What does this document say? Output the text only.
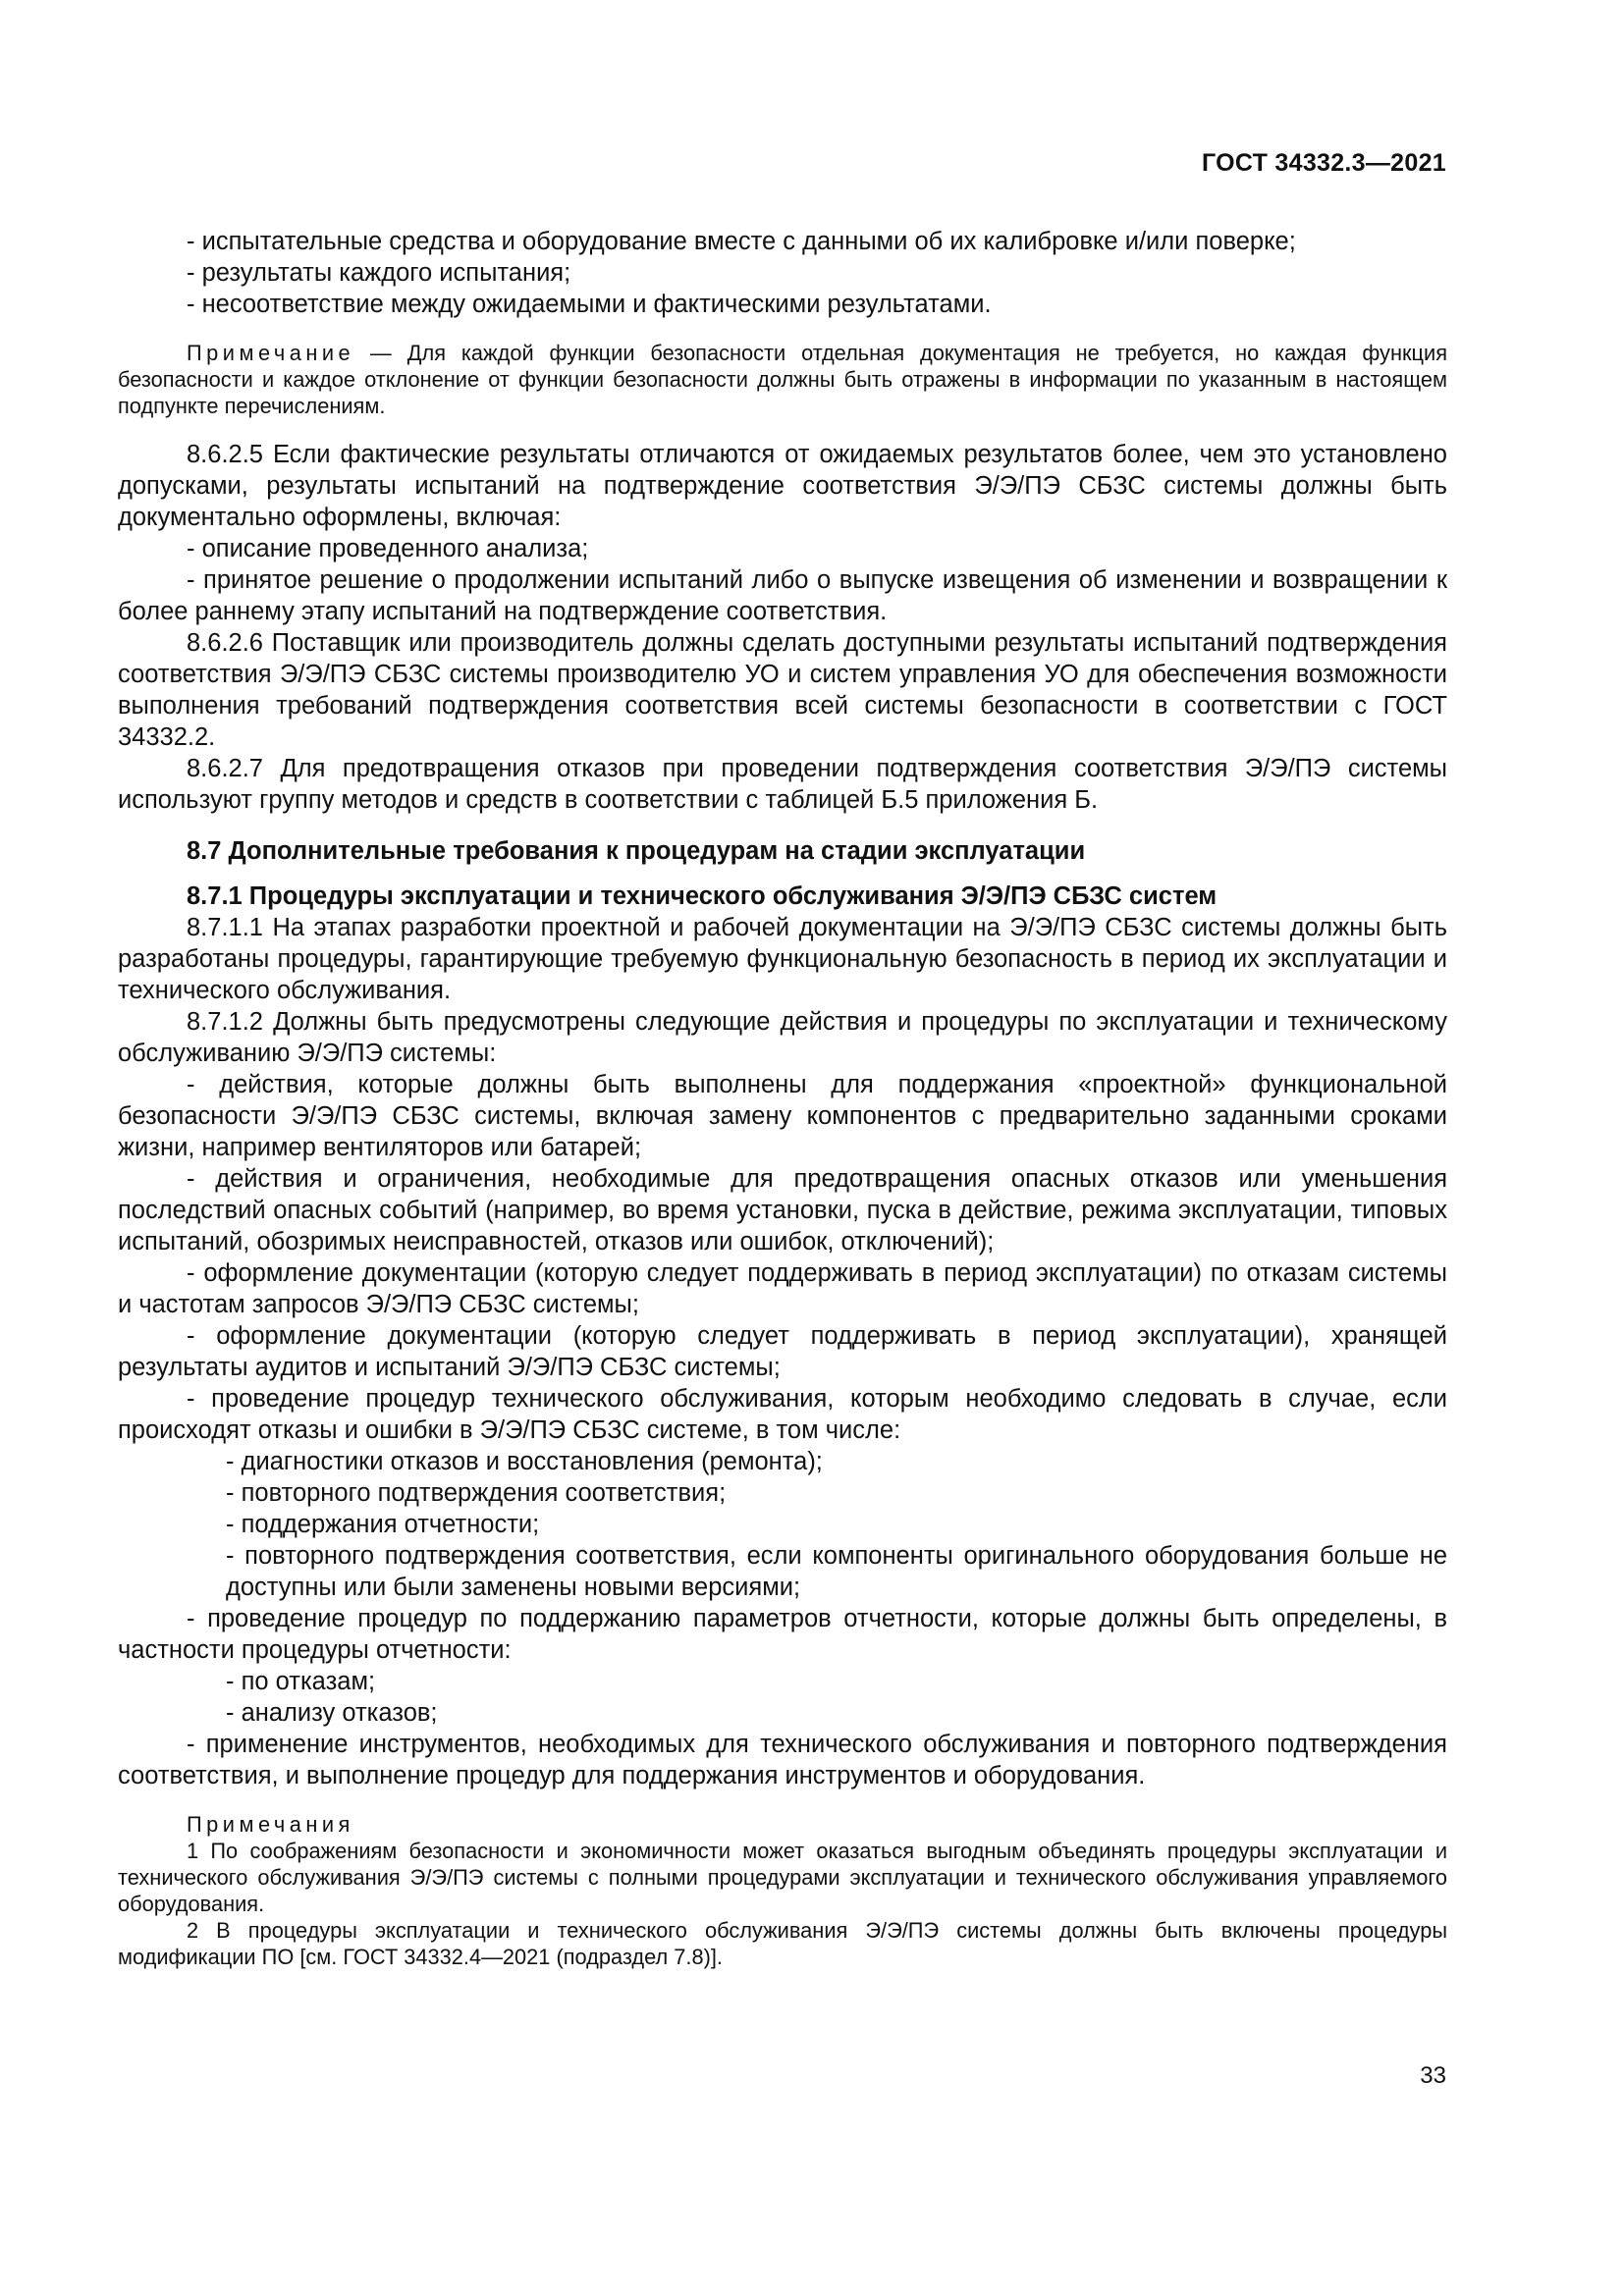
ГОСТ 34332.3—2021

- испытательные средства и оборудование вместе с данными об их калибровке и/или поверке;

- результаты каждого испытания;

- несоответствие между ожидаемыми и фактическими результатами.

Примечание — Для каждой функции безопасности отдельная документация не требуется, но каждая функция безопасности и каждое отклонение от функции безопасности должны быть отражены в информации по указанным в настоящем подпункте перечислениям.

8.6.2.5 Если фактические результаты отличаются от ожидаемых результатов более, чем это установлено допусками, результаты испытаний на подтверждение соответствия Э/Э/ПЭ СБЗС системы должны быть документально оформлены, включая:

- описание проведенного анализа;

- принятое решение о продолжении испытаний либо о выпуске извещения об изменении и возвращении к более раннему этапу испытаний на подтверждение соответствия.

8.6.2.6 Поставщик или производитель должны сделать доступными результаты испытаний подтверждения соответствия Э/Э/ПЭ СБЗС системы производителю УО и систем управления УО для обеспечения возможности выполнения требований подтверждения соответствия всей системы безопасности в соответствии с ГОСТ 34332.2.

8.6.2.7 Для предотвращения отказов при проведении подтверждения соответствия Э/Э/ПЭ системы используют группу методов и средств в соответствии с таблицей Б.5 приложения Б.

8.7 Дополнительные требования к процедурам на стадии эксплуатации

8.7.1 Процедуры эксплуатации и технического обслуживания Э/Э/ПЭ СБЗС систем

8.7.1.1 На этапах разработки проектной и рабочей документации на Э/Э/ПЭ СБЗС системы должны быть разработаны процедуры, гарантирующие требуемую функциональную безопасность в период их эксплуатации и технического обслуживания.

8.7.1.2 Должны быть предусмотрены следующие действия и процедуры по эксплуатации и техническому обслуживанию Э/Э/ПЭ системы:

- действия, которые должны быть выполнены для поддержания «проектной» функциональной безопасности Э/Э/ПЭ СБЗС системы, включая замену компонентов с предварительно заданными сроками жизни, например вентиляторов или батарей;

- действия и ограничения, необходимые для предотвращения опасных отказов или уменьшения последствий опасных событий (например, во время установки, пуска в действие, режима эксплуатации, типовых испытаний, обозримых неисправностей, отказов или ошибок, отключений);

- оформление документации (которую следует поддерживать в период эксплуатации) по отказам системы и частотам запросов Э/Э/ПЭ СБЗС системы;

- оформление документации (которую следует поддерживать в период эксплуатации), хранящей результаты аудитов и испытаний Э/Э/ПЭ СБЗС системы;

- проведение процедур технического обслуживания, которым необходимо следовать в случае, если происходят отказы и ошибки в Э/Э/ПЭ СБЗС системе, в том числе:

- диагностики отказов и восстановления (ремонта);

- повторного подтверждения соответствия;

- поддержания отчетности;

- повторного подтверждения соответствия, если компоненты оригинального оборудования больше не доступны или были заменены новыми версиями;

- проведение процедур по поддержанию параметров отчетности, которые должны быть определены, в частности процедуры отчетности:

- по отказам;

- анализу отказов;

- применение инструментов, необходимых для технического обслуживания и повторного подтверждения соответствия, и выполнение процедур для поддержания инструментов и оборудования.

Примечания

1 По соображениям безопасности и экономичности может оказаться выгодным объединять процедуры эксплуатации и технического обслуживания Э/Э/ПЭ системы с полными процедурами эксплуатации и технического обслуживания управляемого оборудования.

2 В процедуры эксплуатации и технического обслуживания Э/Э/ПЭ системы должны быть включены процедуры модификации ПО [см. ГОСТ 34332.4—2021 (подраздел 7.8)].

33
